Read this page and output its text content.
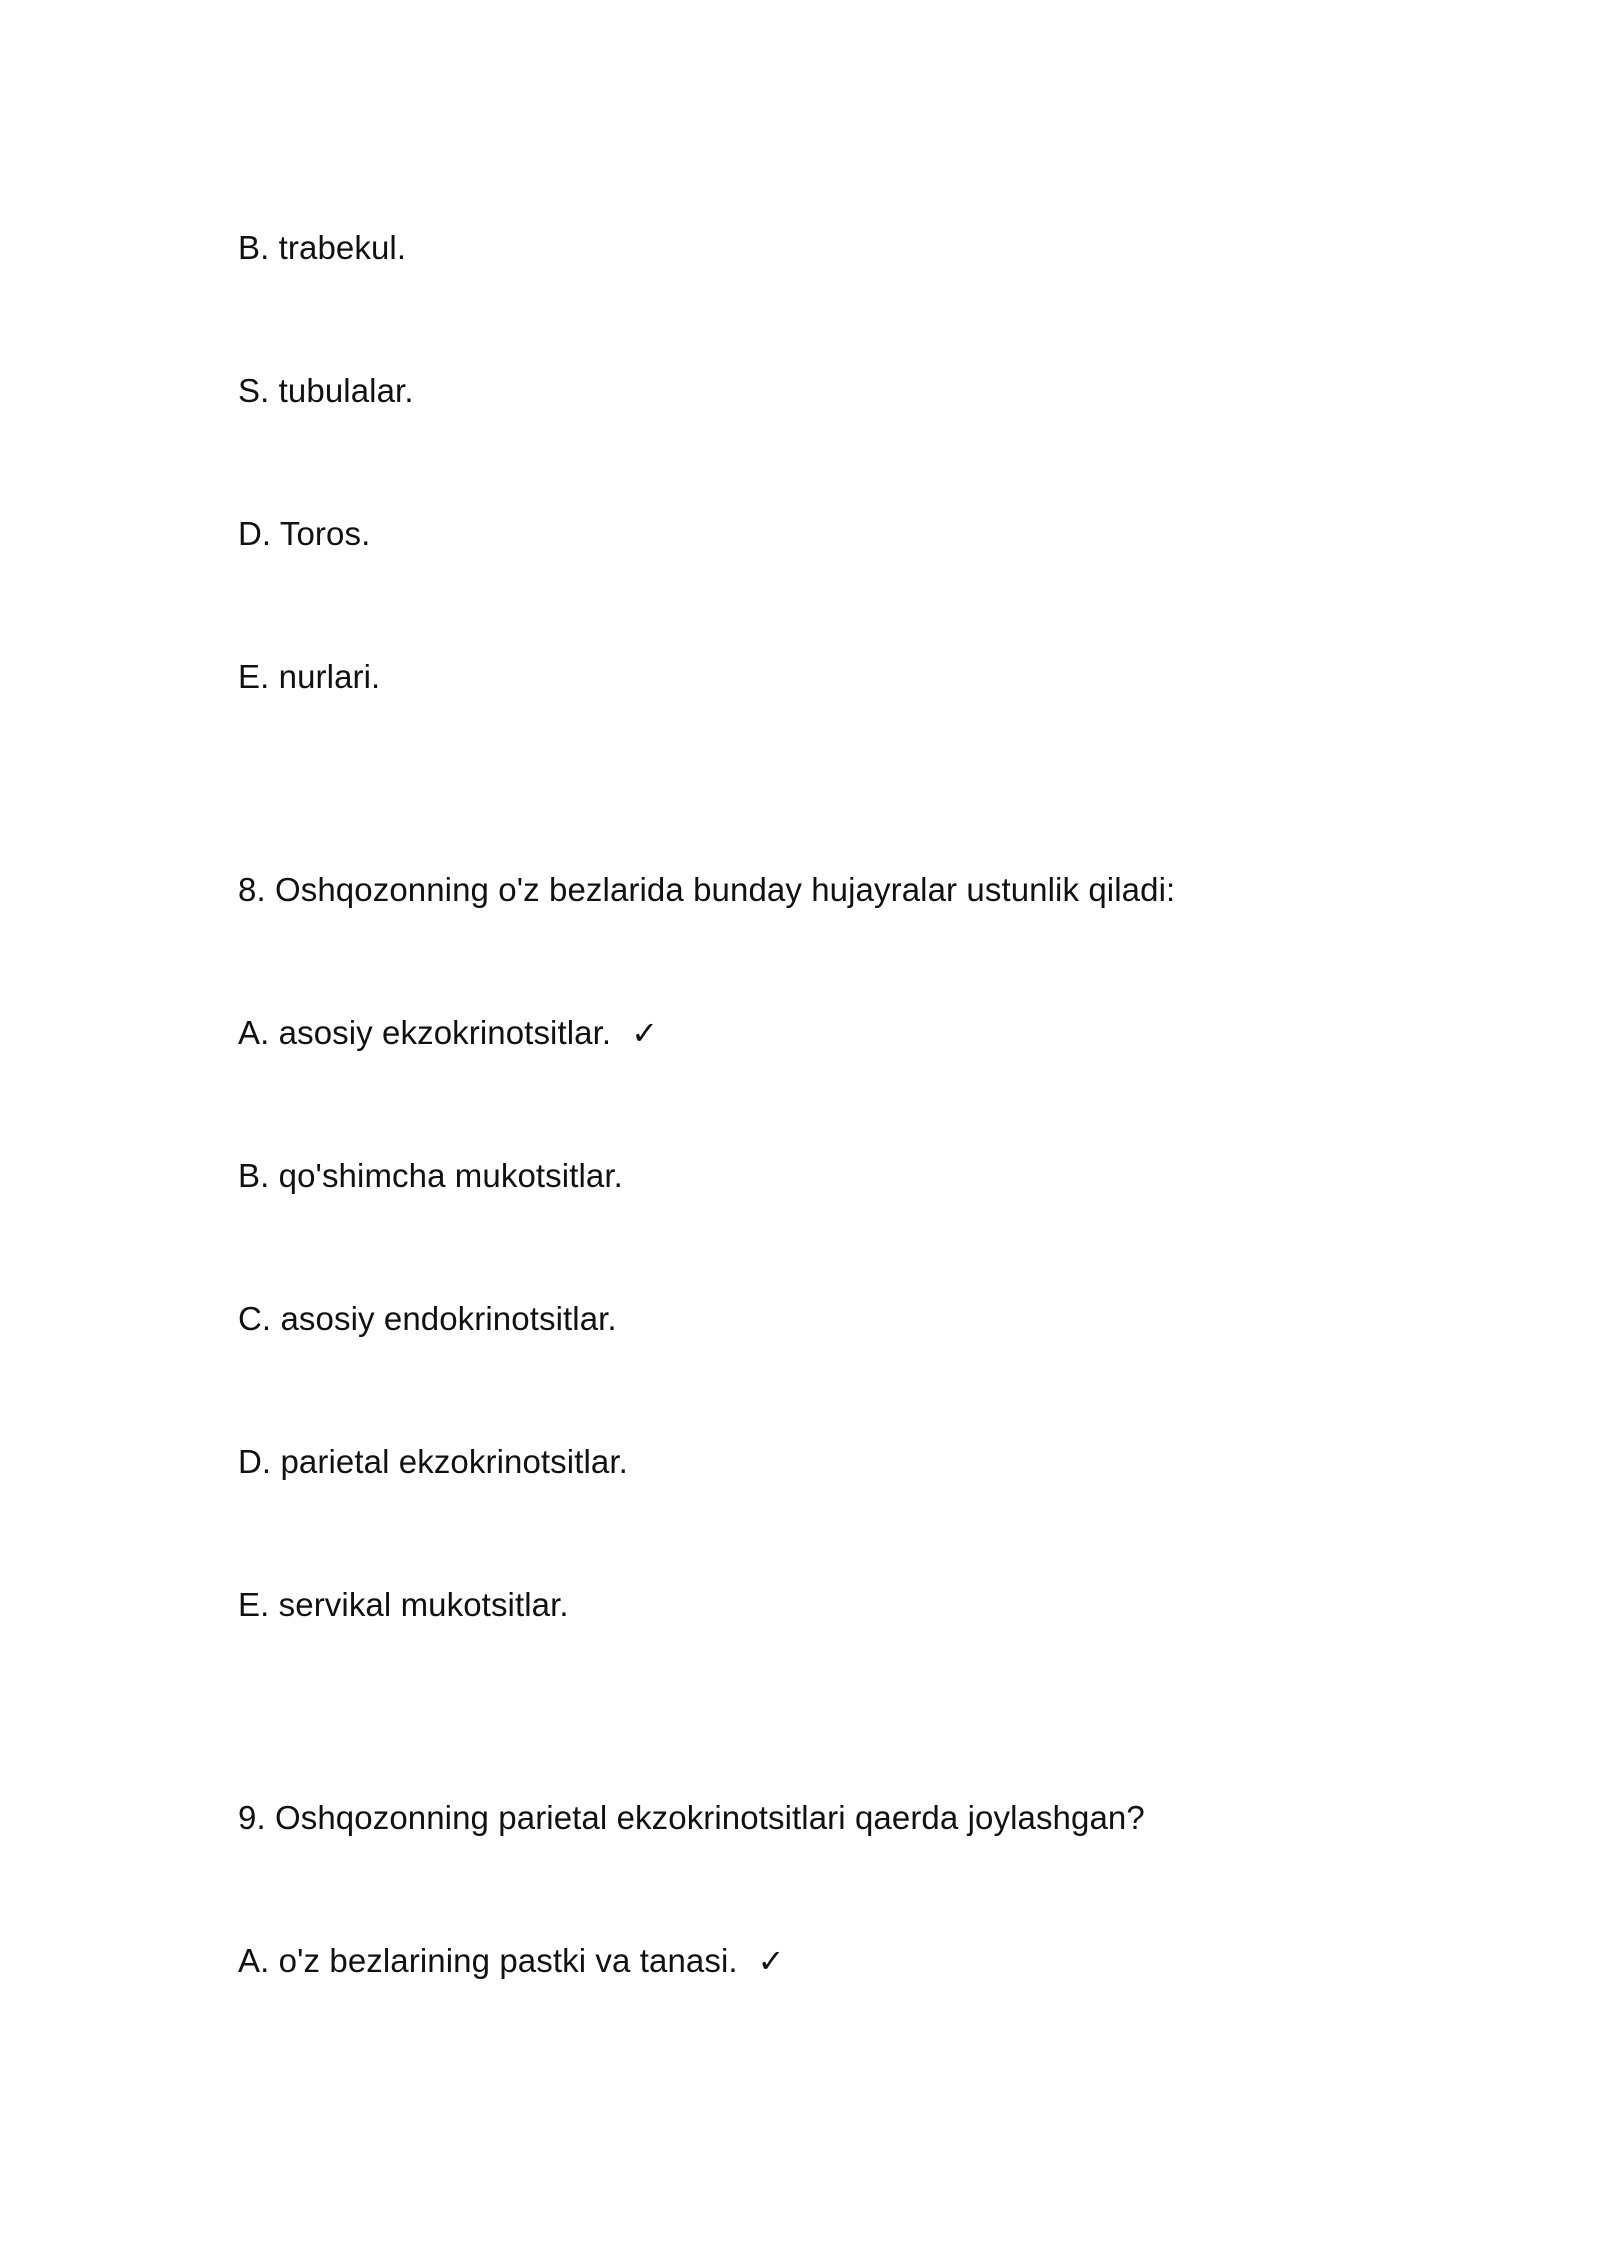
B. trabekul.
S. tubulalar.
D. Toros.
E. nurlari.
8. Oshqozonning o'z bezlarida bunday hujayralar ustunlik qiladi:
A. asosiy ekzokrinotsitlar. ✓
B. qo'shimcha mukotsitlar.
C. asosiy endokrinotsitlar.
D. parietal ekzokrinotsitlar.
E. servikal mukotsitlar.
9. Oshqozonning parietal ekzokrinotsitlari qaerda joylashgan?
A. o'z bezlarining pastki va tanasi. ✓
